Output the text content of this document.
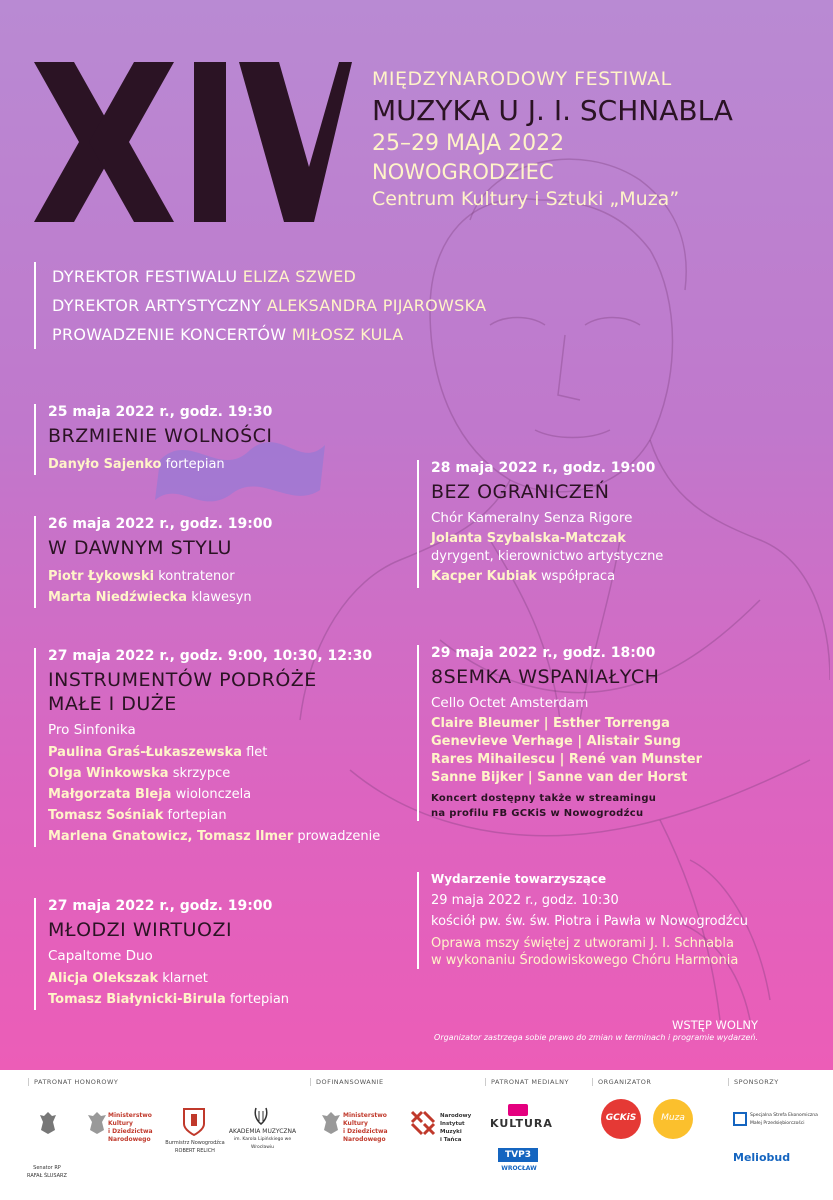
MIĘDZYNARODOWY FESTIWAL
MUZYKA U J. I. SCHNABLA
25–29 MAJA 2022
NOWOGRODZIEC
Centrum Kultury i Sztuki „Muza”
DYREKTOR FESTIWALU ELIZA SZWED
DYREKTOR ARTYSTYCZNY ALEKSANDRA PIJAROWSKA
PROWADZENIE KONCERTÓW MIŁOSZ KULA
25 maja 2022 r., godz. 19:30
BRZMIENIE WOLNOŚCI
Danyło Sajenko fortepian
26 maja 2022 r., godz. 19:00
W DAWNYM STYLU
Piotr Łykowski kontratenor
Marta Niedźwiecka klawesyn
27 maja 2022 r., godz. 9:00, 10:30, 12:30
INSTRUMENTÓW PODRÓŻE
MAŁE I DUŻE
Pro Sinfonika
Paulina Graś-Łukaszewska flet
Olga Winkowska skrzypce
Małgorzata Bleja wiolonczela
Tomasz Sośniak fortepian
Marlena Gnatowicz, Tomasz Ilmer prowadzenie
27 maja 2022 r., godz. 19:00
MŁODZI WIRTUOZI
Capaltome Duo
Alicja Olekszak klarnet
Tomasz Białynicki-Birula fortepian
28 maja 2022 r., godz. 19:00
BEZ OGRANICZEŃ
Chór Kameralny Senza Rigore
Jolanta Szybalska-Matczak
dyrygent, kierownictwo artystyczne
Kacper Kubiak współpraca
29 maja 2022 r., godz. 18:00
8SEMKA WSPANIAŁYCH
Cello Octet Amsterdam
Claire Bleumer | Esther Torrenga
Genevieve Verhage | Alistair Sung
Rares Mihailescu | René van Munster
Sanne Bijker | Sanne van der Horst
Koncert dostępny także w streamingu
na profilu FB GCKiS w Nowogrodźcu
Wydarzenie towarzyszące
29 maja 2022 r., godz. 10:30
kościół pw. św. św. Piotra i Pawła w Nowogrodźcu
Oprawa mszy świętej z utworami J. I. Schnabla
w wykonaniu Środowiskowego Chóru Harmonia
WSTĘP WOLNY
Organizator zastrzega sobie prawo do zmian w terminach i programie wydarzeń.
PATRONAT HONOROWY	DOFINANSOWANIE	PATRONAT MEDIALNY	ORGANIZATOR	SPONSORZY
Senator RP
RAFAŁ ŚLUSARZ
Ministerstwo
Kultury
i Dziedzictwa
Narodowego	Burmistrz Nowogrodźca
ROBERT RELICH
AKADEMIA MUZYCZNA
im. Karola Lipińskiego we Wrocławiu
Ministerstwo
Kultury
i Dziedzictwa
Narodowego
Narodowy
Instytut
Muzyki
i Tańca
KULTURA
TVP3
WROCŁAW
GCKiS	Muza	Specjalna Strefa Ekonomiczna
Małej Przedsiębiorczości
Meliobud
